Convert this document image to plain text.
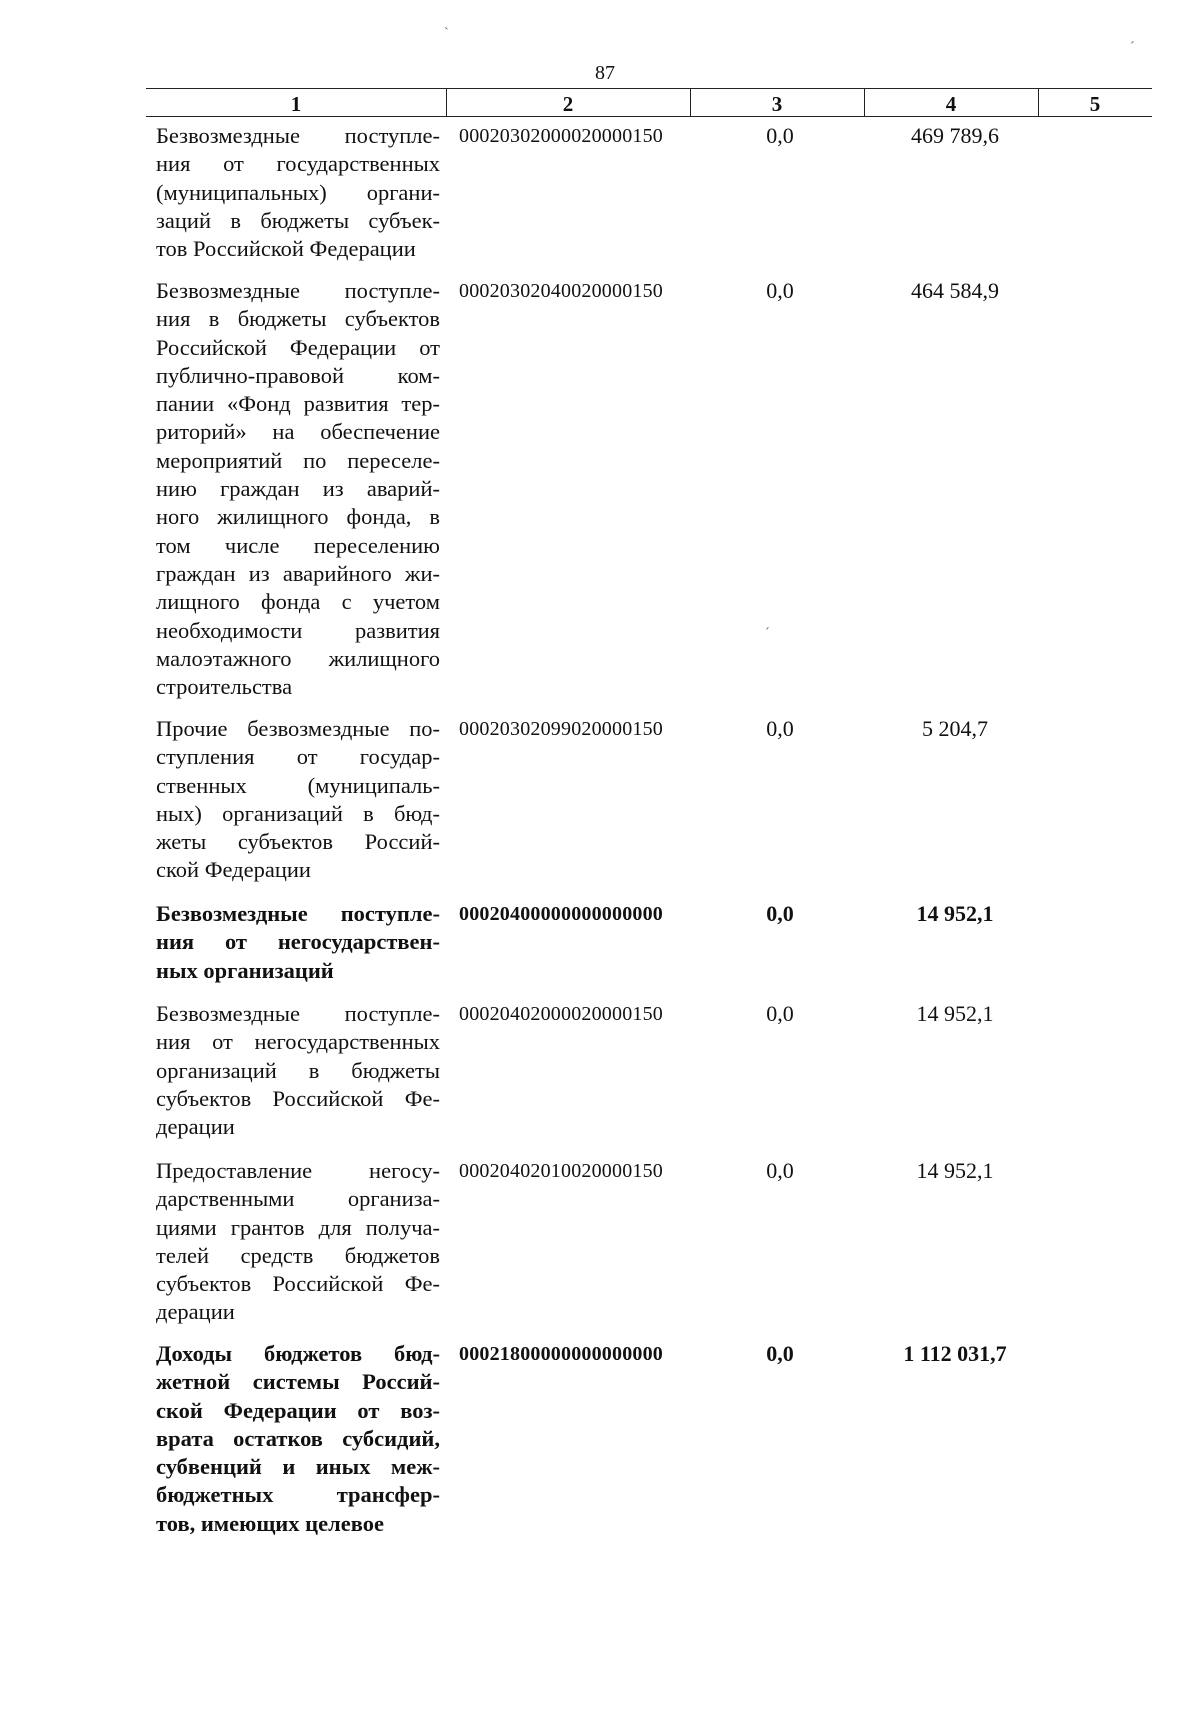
87
1	2	3	4	5
Безвозмездные поступле-
ния от государственных
(муниципальных) органи-
заций в бюджеты субъек-
тов Российской Федерации
00020302000020000150	0,0	469 789,6
Безвозмездные поступле-
ния в бюджеты субъектов
Российской Федерации от
публично-правовой ком-
пании «Фонд развития тер-
риторий» на обеспечение
мероприятий по переселе-
нию граждан из аварий-
ного жилищного фонда, в
том числе переселению
граждан из аварийного жи-
лищного фонда с учетом
необходимости развития
малоэтажного жилищного
строительства
00020302040020000150	0,0	464 584,9
Прочие безвозмездные по-
ступления от государ-
ственных (муниципаль-
ных) организаций в бюд-
жеты субъектов Россий-
ской Федерации
00020302099020000150	0,0	5 204,7
Безвозмездные поступле-
ния от негосударствен-
ных организаций
00020400000000000000	0,0	14 952,1
Безвозмездные поступле-
ния от негосударственных
организаций в бюджеты
субъектов Российской Фе-
дерации
00020402000020000150	0,0	14 952,1
Предоставление негосу-
дарственными организа-
циями грантов для получа-
телей средств бюджетов
субъектов Российской Фе-
дерации
00020402010020000150	0,0	14 952,1
Доходы бюджетов бюд-
жетной системы Россий-
ской Федерации от воз-
врата остатков субсидий,
субвенций и иных меж-
бюджетных трансфер-
тов, имеющих целевое
00021800000000000000	0,0	1 112 031,7
ˋ
ˊ
ˊ
